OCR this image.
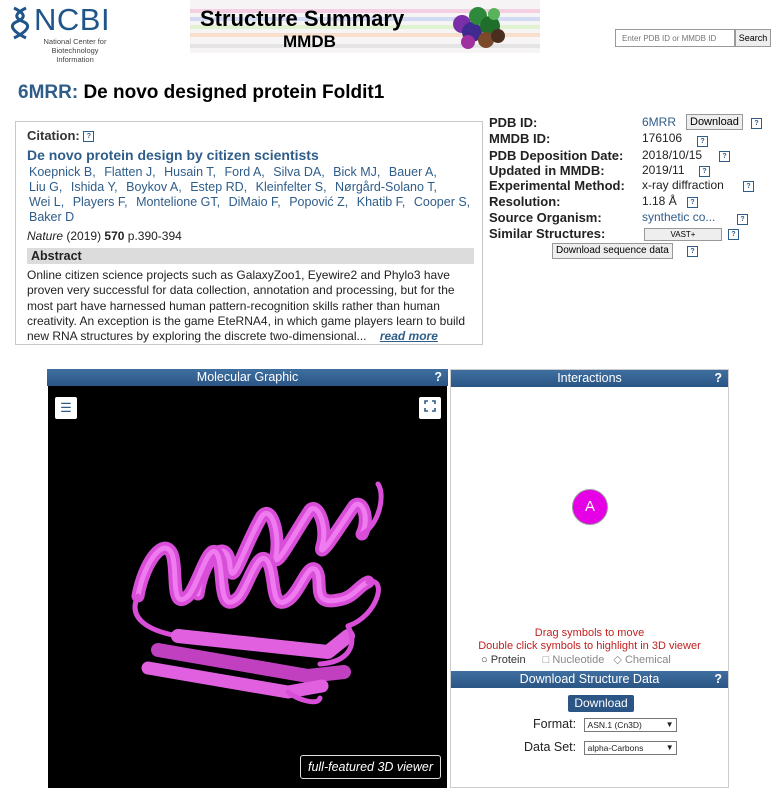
NCBI
National Center for Biotechnology Information
Structure Summary
MMDB
Enter PDB ID or MMDB ID	Search
6MRR: De novo designed protein Foldit1
Citation: ?
De novo protein design by citizen scientists
Koepnick B, Flatten J, Husain T, Ford A, Silva DA, Bick MJ, Bauer A, Liu G, Ishida Y, Boykov A, Estep RD, Kleinfelter S, Nørgård-Solano T, Wei L, Players F, Montelione GT, DiMaio F, Popović Z, Khatib F, Cooper S, Baker D
Nature (2019) 570 p.390-394
Abstract
Online citizen science projects such as GalaxyZoo1, Eyewire2 and Phylo3 have proven very successful for data collection, annotation and processing, but for the most part have harnessed human pattern-recognition skills rather than human creativity. An exception is the game EteRNA4, in which game players learn to build new RNA structures by exploring the discrete two-dimensional... read more
PDB ID:	6MRR	Download	?
MMDB ID:	176106	?
PDB Deposition Date: 2018/10/15	?
Updated in MMDB:	2019/11	?
Experimental Method: x-ray diffraction	?
Resolution:	1.18 Å	?
Source Organism:	synthetic co...	?
Similar Structures:	VAST+	?
Download sequence data	?
Molecular Graphic	?
☰
full-featured 3D viewer
Interactions	?
A
Drag symbols to move
Double click symbols to highlight in 3D viewer
○ Protein □ Nucleotide ◇ Chemical
Download Structure Data	?
Download
Format: ASN.1 (Cn3D) ▼
Data Set: alpha-Carbons ▼
